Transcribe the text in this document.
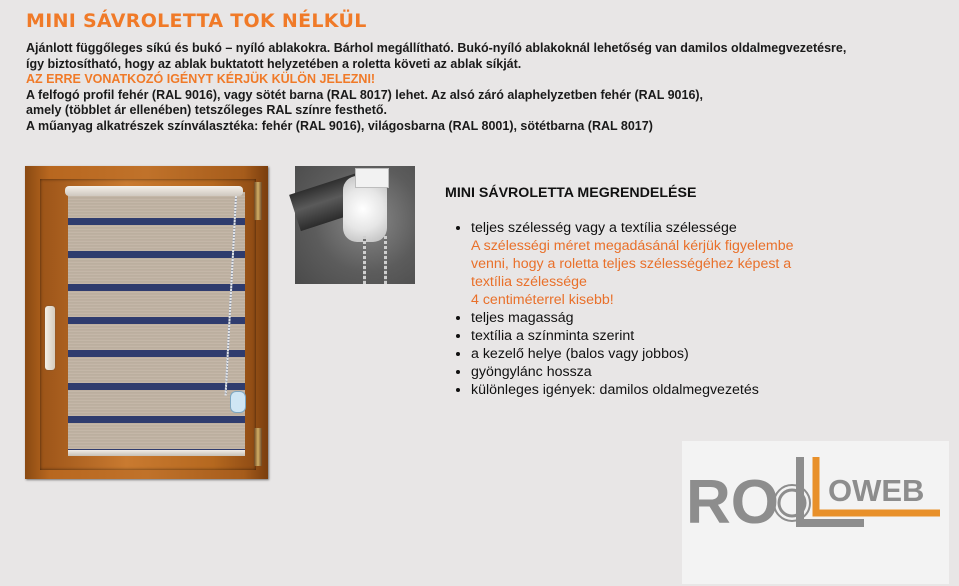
MINI SÁVROLETTA TOK NÉLKÜL
Ajánlott függőleges síkú és bukó – nyíló ablakokra. Bárhol megállítható. Bukó-nyíló ablakoknál lehetőség van damilos oldalmegvezetésre,
így biztosítható, hogy az ablak buktatott helyzetében a roletta követi az ablak síkját.
AZ ERRE VONATKOZÓ IGÉNYT KÉRJÜK KÜLÖN JELEZNI!
A felfogó profil fehér (RAL 9016), vagy sötét barna (RAL 8017) lehet. Az alsó záró alaphelyzetben fehér (RAL 9016),
amely (többlet ár ellenében) tetszőleges RAL színre festhető.
A műanyag alkatrészek színválasztéka: fehér (RAL 9016), világosbarna (RAL 8001), sötétbarna (RAL 8017)
MINI SÁVROLETTA MEGRENDELÉSE
• teljes szélesség vagy a textília szélessége
A szélességi méret megadásánál kérjük figyelembe
venni, hogy a roletta teljes szélességéhez képest a
textília szélessége
4 centiméterrel kisebb!
• teljes magasság
• textília a színminta szerint
• a kezelő helye (balos vagy jobbos)
• gyöngylánc hossza
• különleges igények: damilos oldalmegvezetés
RO OWEB
